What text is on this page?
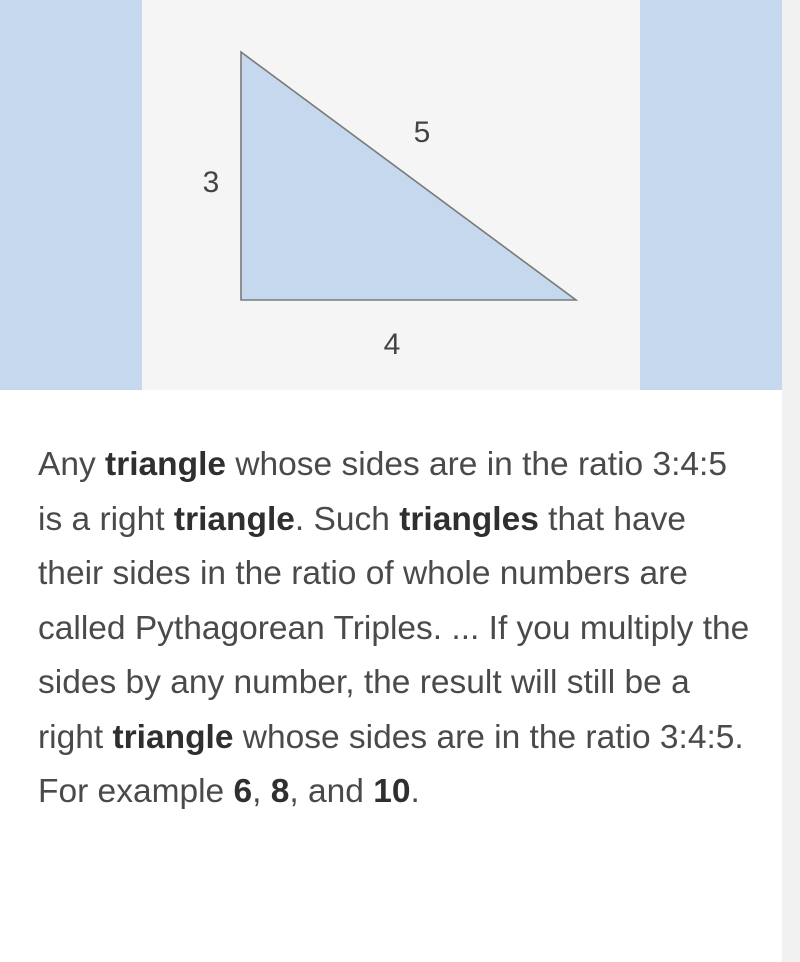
3
4
5

Any triangle whose sides are in the ratio 3:4:5 is a right triangle. Such triangles that have their sides in the ratio of whole numbers are called Pythagorean Triples. ... If you multiply the sides by any number, the result will still be a right triangle whose sides are in the ratio 3:4:5. For example 6, 8, and 10.
